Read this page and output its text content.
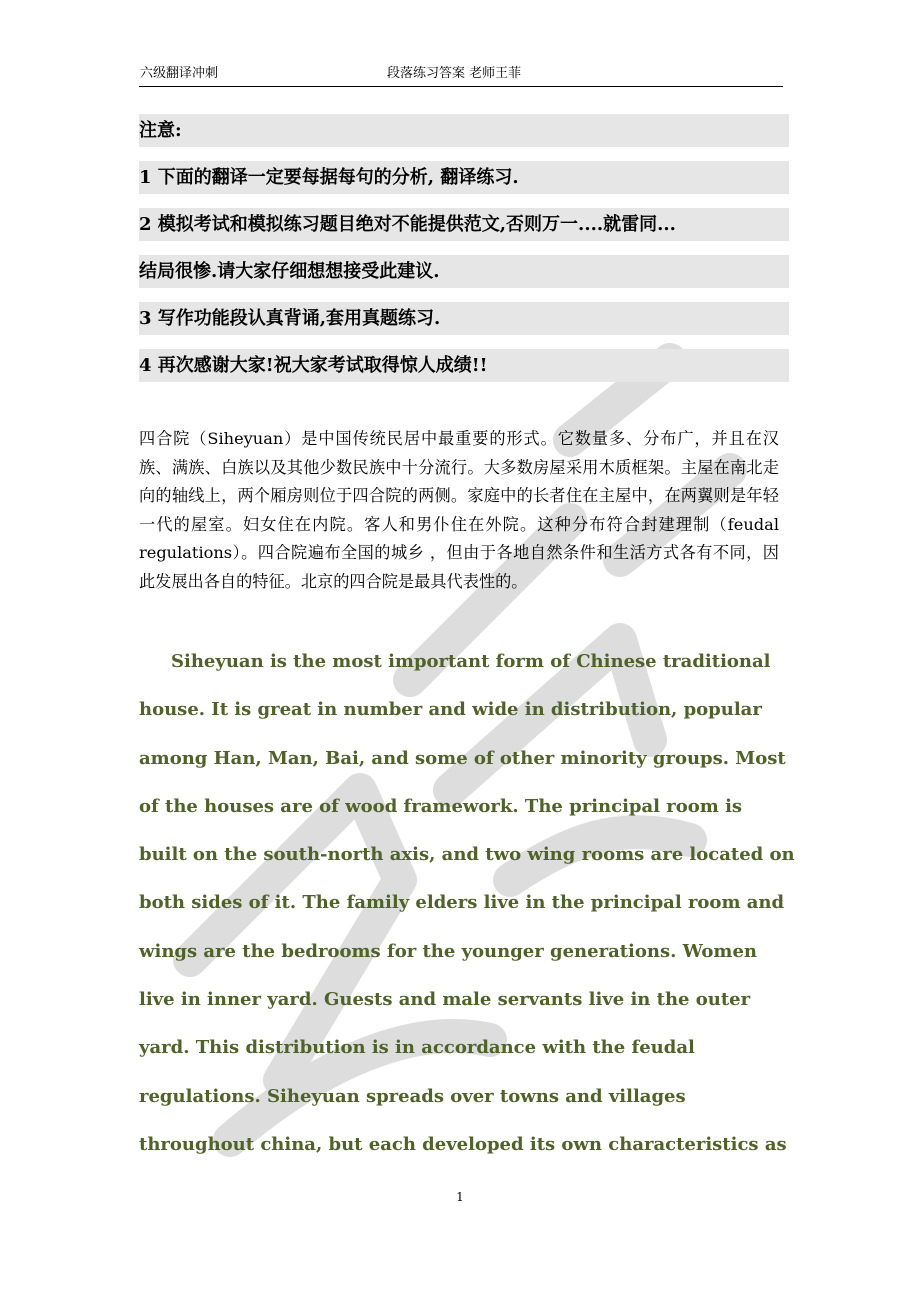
六级翻译冲刺	段落练习答案 老师王菲
注意:
1 下面的翻译一定要每据每句的分析, 翻译练习.
2 模拟考试和模拟练习题目绝对不能提供范文,否则万一....就雷同...
结局很惨.请大家仔细想想接受此建议.
3 写作功能段认真背诵,套用真题练习.
4 再次感谢大家!祝大家考试取得惊人成绩!!

四合院（Siheyuan）是中国传统民居中最重要的形式。它数量多、分布广，并且在汉族、满族、白族以及其他少数民族中十分流行。大多数房屋采用木质框架。主屋在南北走向的轴线上，两个厢房则位于四合院的两侧。家庭中的长者住在主屋中，在两翼则是年轻一代的屋室。妇女住在内院。客人和男仆住在外院。这种分布符合封建理制（feudal regulations）。四合院遍布全国的城乡 ，但由于各地自然条件和生活方式各有不同，因此发展出各自的特征。北京的四合院是最具代表性的。

Siheyuan is the most important form of Chinese traditional
house. It is great in number and wide in distribution, popular
among Han, Man, Bai, and some of other minority groups. Most
of the houses are of wood framework. The principal room is
built on the south-north axis, and two wing rooms are located on
both sides of it. The family elders live in the principal room and
wings are the bedrooms for the younger generations. Women
live in inner yard. Guests and male servants live in the outer
yard. This distribution is in accordance with the feudal
regulations. Siheyuan spreads over towns and villages
throughout china, but each developed its own characteristics as
1
